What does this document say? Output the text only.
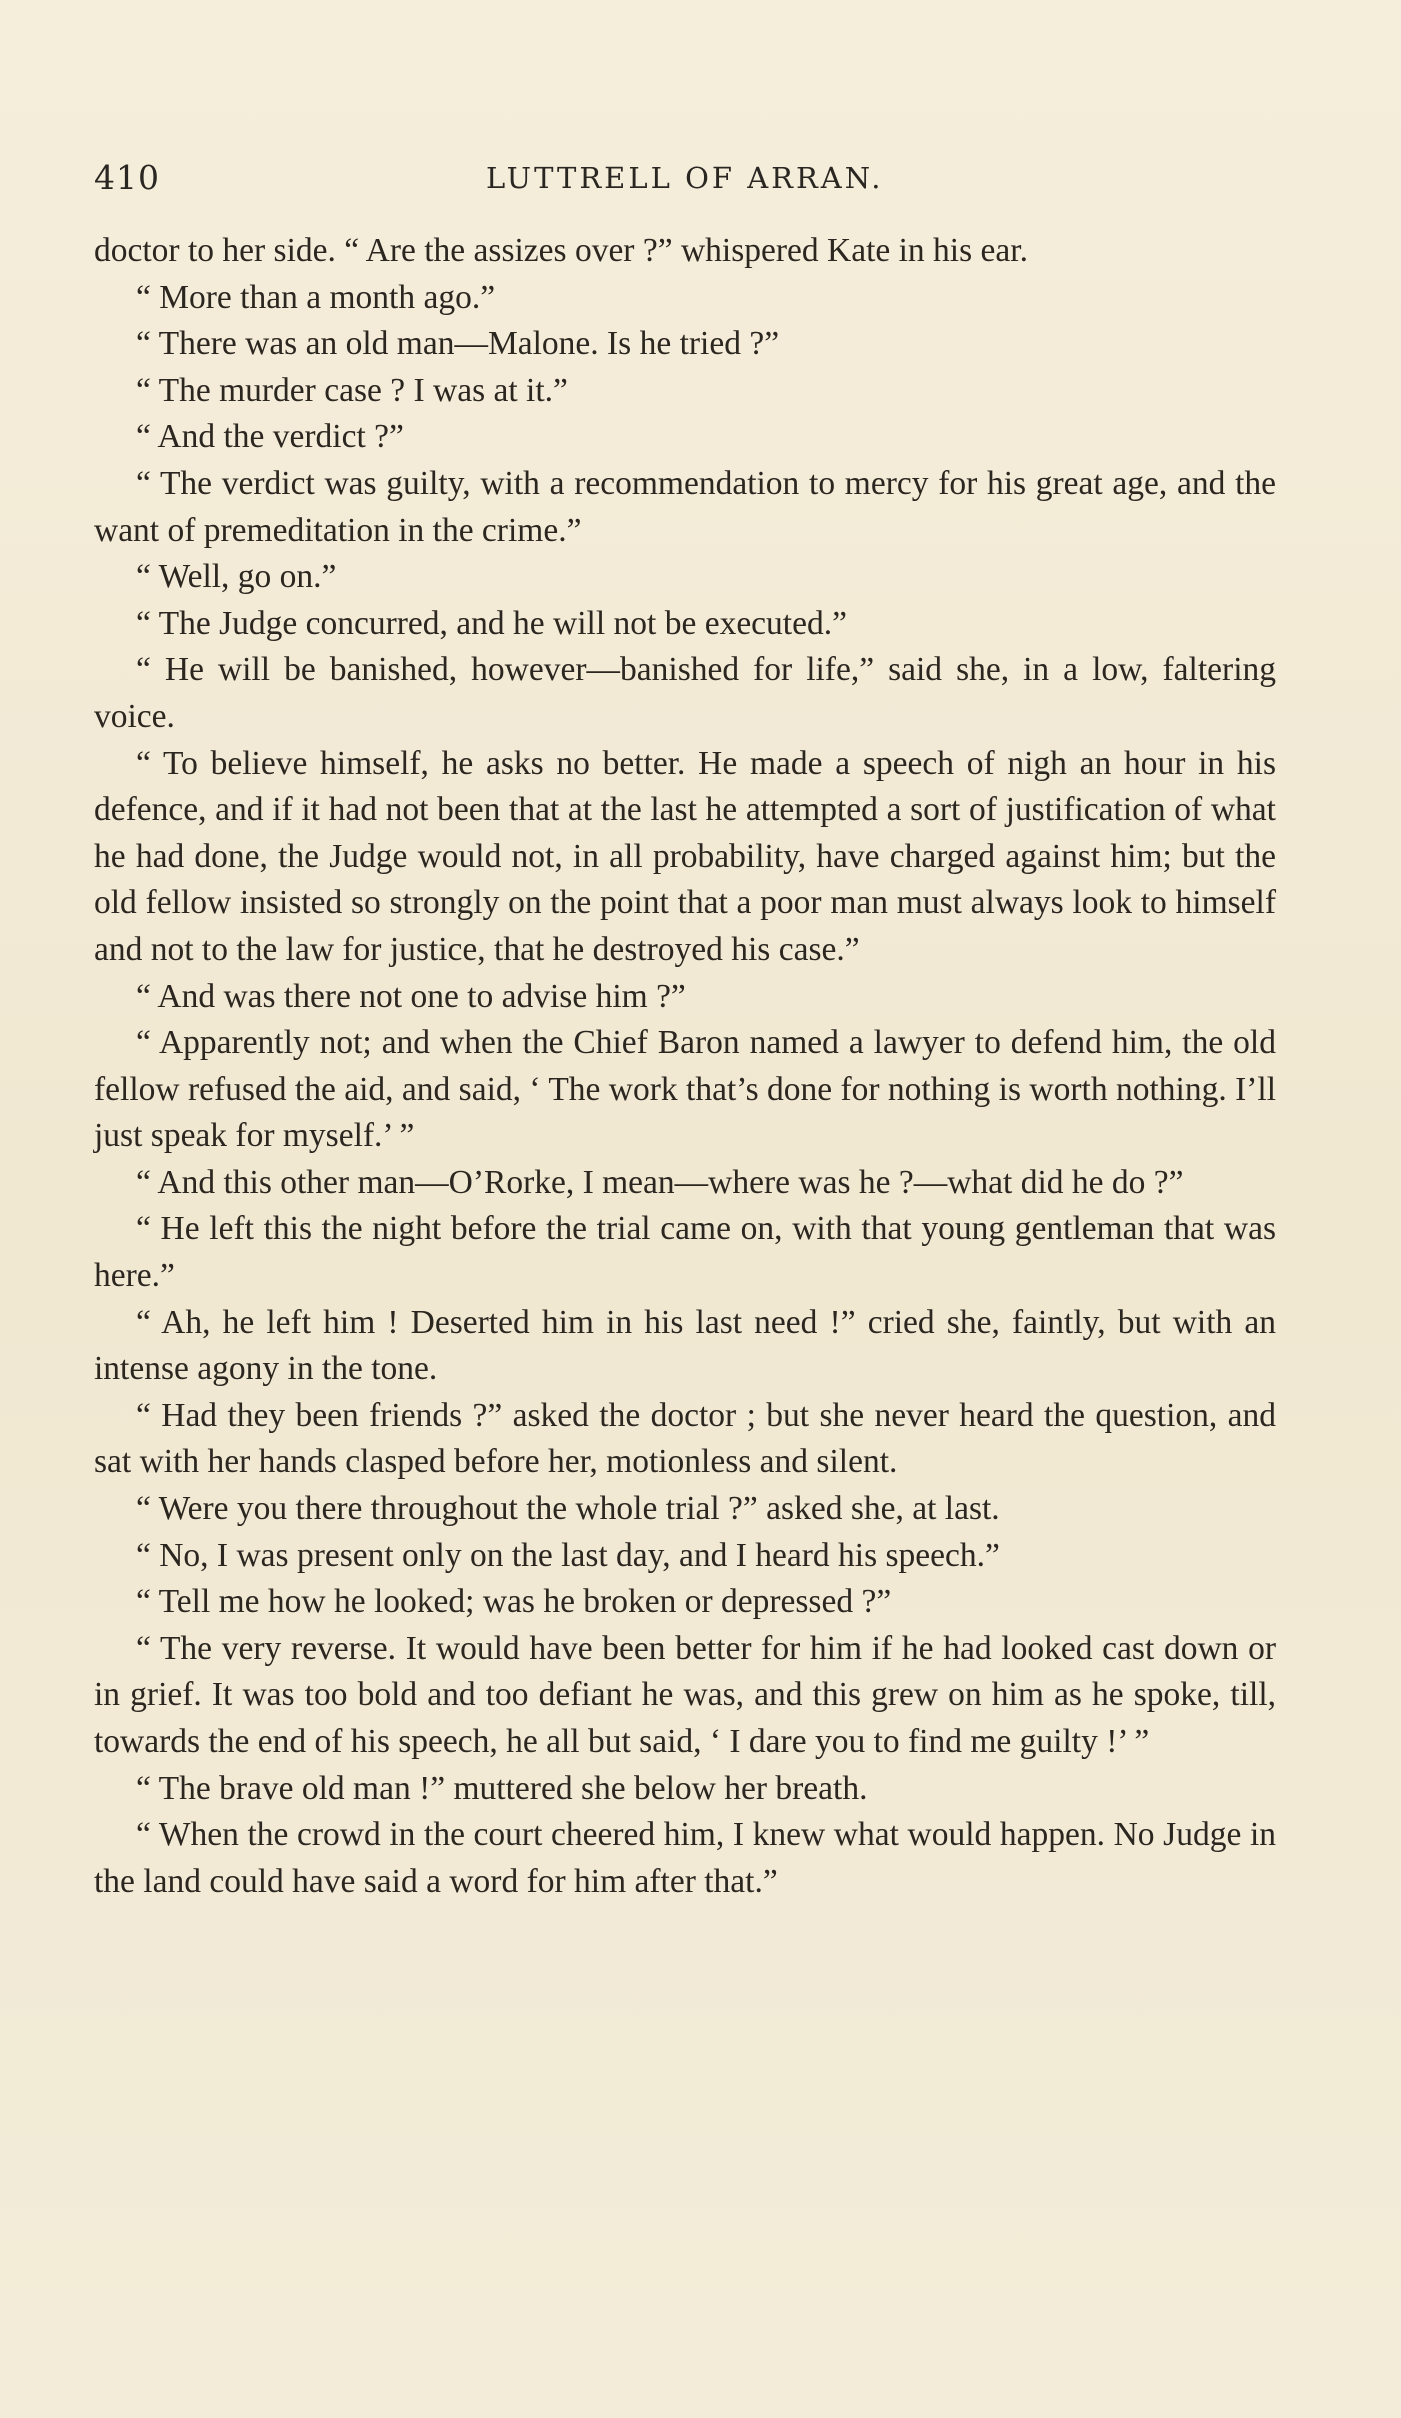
410	LUTTRELL OF ARRAN.

doctor to her side. “ Are the assizes over ?” whispered Kate in his ear.

“ More than a month ago.”

“ There was an old man—Malone. Is he tried ?”

“ The murder case ? I was at it.”

“ And the verdict ?”

“ The verdict was guilty, with a recommendation to mercy for his great age, and the want of premeditation in the crime.”

“ Well, go on.”

“ The Judge concurred, and he will not be executed.”

“ He will be banished, however—banished for life,” said she, in a low, faltering voice.

“ To believe himself, he asks no better. He made a speech of nigh an hour in his defence, and if it had not been that at the last he attempted a sort of justification of what he had done, the Judge would not, in all probability, have charged against him; but the old fellow insisted so strongly on the point that a poor man must always look to himself and not to the law for justice, that he destroyed his case.”

“ And was there not one to advise him ?”

“ Apparently not; and when the Chief Baron named a lawyer to defend him, the old fellow refused the aid, and said, ‘ The work that’s done for nothing is worth nothing. I’ll just speak for myself.’ ”

“ And this other man—O’Rorke, I mean—where was he ?—what did he do ?”

“ He left this the night before the trial came on, with that young gentleman that was here.”

“ Ah, he left him ! Deserted him in his last need !” cried she, faintly, but with an intense agony in the tone.

“ Had they been friends ?” asked the doctor ; but she never heard the question, and sat with her hands clasped before her, motionless and silent.

“ Were you there throughout the whole trial ?” asked she, at last.

“ No, I was present only on the last day, and I heard his speech.”

“ Tell me how he looked; was he broken or depressed ?”

“ The very reverse. It would have been better for him if he had looked cast down or in grief. It was too bold and too defiant he was, and this grew on him as he spoke, till, towards the end of his speech, he all but said, ‘ I dare you to find me guilty !’ ”

“ The brave old man !” muttered she below her breath.

“ When the crowd in the court cheered him, I knew what would happen. No Judge in the land could have said a word for him after that.”
